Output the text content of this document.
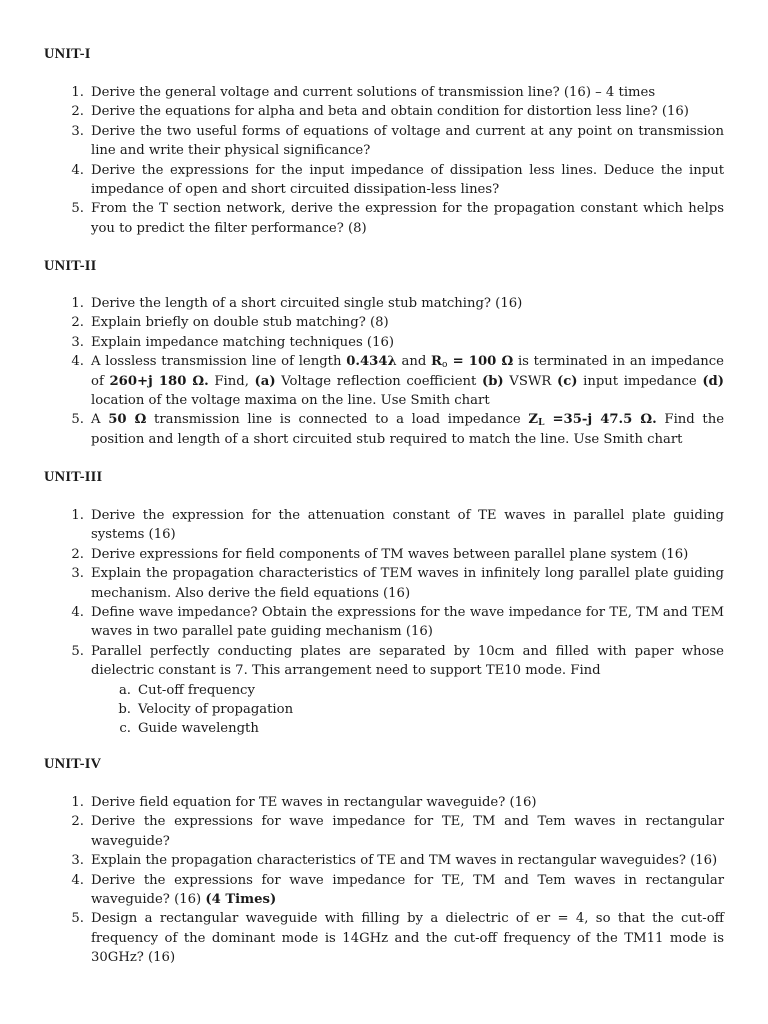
UNIT-I
1. Derive the general voltage and current solutions of transmission line? (16) – 4 times
2. Derive the equations for alpha and beta and obtain condition for distortion less line? (16)
3. Derive the two useful forms of equations of voltage and current at any point on transmission line and write their physical significance?
4. Derive the expressions for the input impedance of dissipation less lines. Deduce the input impedance of open and short circuited dissipation-less lines?
5. From the T section network, derive the expression for the propagation constant which helps you to predict the filter performance? (8)
UNIT-II
1. Derive the length of a short circuited single stub matching? (16)
2. Explain briefly on double stub matching? (8)
3. Explain impedance matching techniques (16)
4. A lossless transmission line of length 0.434λ and $R_o = 100$ Ω is terminated in an impedance of 260+j 180 Ω. Find, (a) Voltage reflection coefficient (b) VSWR (c) input impedance (d) location of the voltage maxima on the line. Use Smith chart
5. A 50 Ω transmission line is connected to a load impedance $Z_L =35-j$ 47.5 Ω. Find the position and length of a short circuited stub required to match the line. Use Smith chart
UNIT-III
1. Derive the expression for the attenuation constant of TE waves in parallel plate guiding systems (16)
2. Derive expressions for field components of TM waves between parallel plane system (16)
3. Explain the propagation characteristics of TEM waves in infinitely long parallel plate guiding mechanism. Also derive the field equations (16)
4. Define wave impedance? Obtain the expressions for the wave impedance for TE, TM and TEM waves in two parallel pate guiding mechanism (16)
5. Parallel perfectly conducting plates are separated by 10cm and filled with paper whose dielectric constant is 7. This arrangement need to support TE10 mode. Find
a. Cut-off frequency
b. Velocity of propagation
c. Guide wavelength
UNIT-IV
1. Derive field equation for TE waves in rectangular waveguide? (16)
2. Derive the expressions for wave impedance for TE, TM and Tem waves in rectangular waveguide?
3. Explain the propagation characteristics of TE and TM waves in rectangular waveguides? (16)
4. Derive the expressions for wave impedance for TE, TM and Tem waves in rectangular waveguide? (16) (4 Times)
5. Design a rectangular waveguide with filling by a dielectric of er = 4, so that the cut-off frequency of the dominant mode is 14GHz and the cut-off frequency of the TM11 mode is 30GHz? (16)
